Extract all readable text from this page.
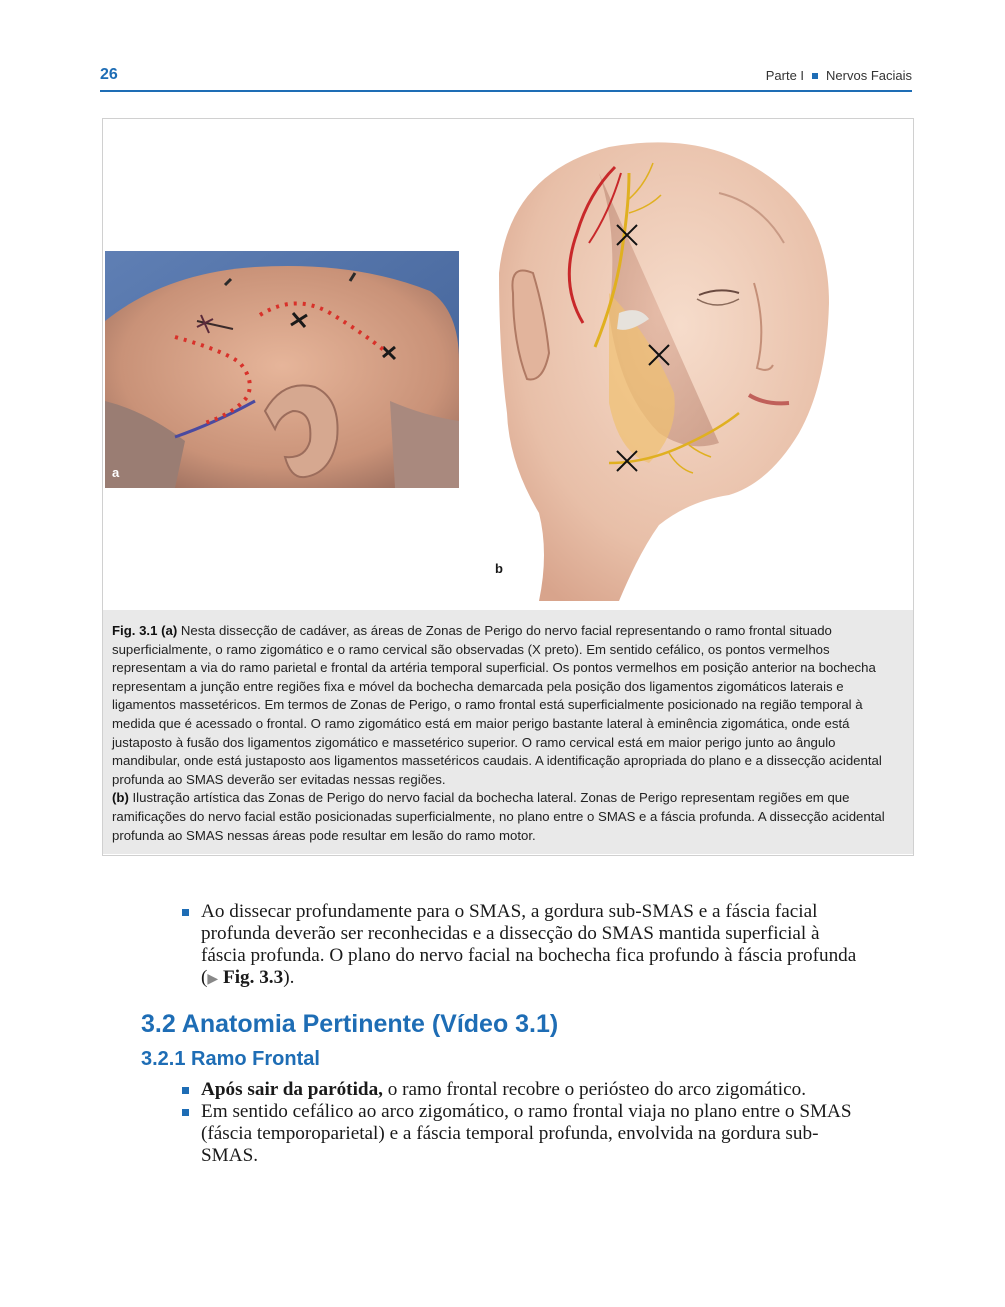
26	Parte I Nervos Faciais
a
b

Fig. 3.1 (a) Nesta dissecção de cadáver, as áreas de Zonas de Perigo do nervo facial representando o ramo frontal situado superficialmente, o ramo zigomático e o ramo cervical são observadas (X preto). Em sentido cefálico, os pontos vermelhos representam a via do ramo parietal e frontal da artéria temporal superficial. Os pontos vermelhos em posição anterior na bochecha representam a junção entre regiões fixa e móvel da bochecha demarcada pela posição dos ligamentos zigomáticos laterais e ligamentos massetéricos. Em termos de Zonas de Perigo, o ramo frontal está superficialmente posicionado na região temporal à medida que é acessado o frontal. O ramo zigomático está em maior perigo bastante lateral à eminência zigomática, onde está justaposto à fusão dos ligamentos zigomático e massetérico superior. O ramo cervical está em maior perigo junto ao ângulo mandibular, onde está justaposto aos ligamentos massetéricos caudais. A identificação apropriada do plano e a dissecção acidental profunda ao SMAS deverão ser evitadas nessas regiões.

(b) Ilustração artística das Zonas de Perigo do nervo facial da bochecha lateral. Zonas de Perigo representam regiões em que ramificações do nervo facial estão posicionadas superficialmente, no plano entre o SMAS e a fáscia profunda. A dissecção acidental profunda ao SMAS nessas áreas pode resultar em lesão do ramo motor.

Ao dissecar profundamente para o SMAS, a gordura sub-SMAS e a fáscia facial profunda deverão ser reconhecidas e a dissecção do SMAS mantida superficial à fáscia profunda. O plano do nervo facial na bochecha fica profundo à fáscia profunda (▶ Fig. 3.3).
3.2 Anatomia Pertinente (Vídeo 3.1)
3.2.1 Ramo Frontal
Após sair da parótida, o ramo frontal recobre o periósteo do arco zigomático.
Em sentido cefálico ao arco zigomático, o ramo frontal viaja no plano entre o SMAS (fáscia temporoparietal) e a fáscia temporal profunda, envolvida na gordura sub-SMAS.
